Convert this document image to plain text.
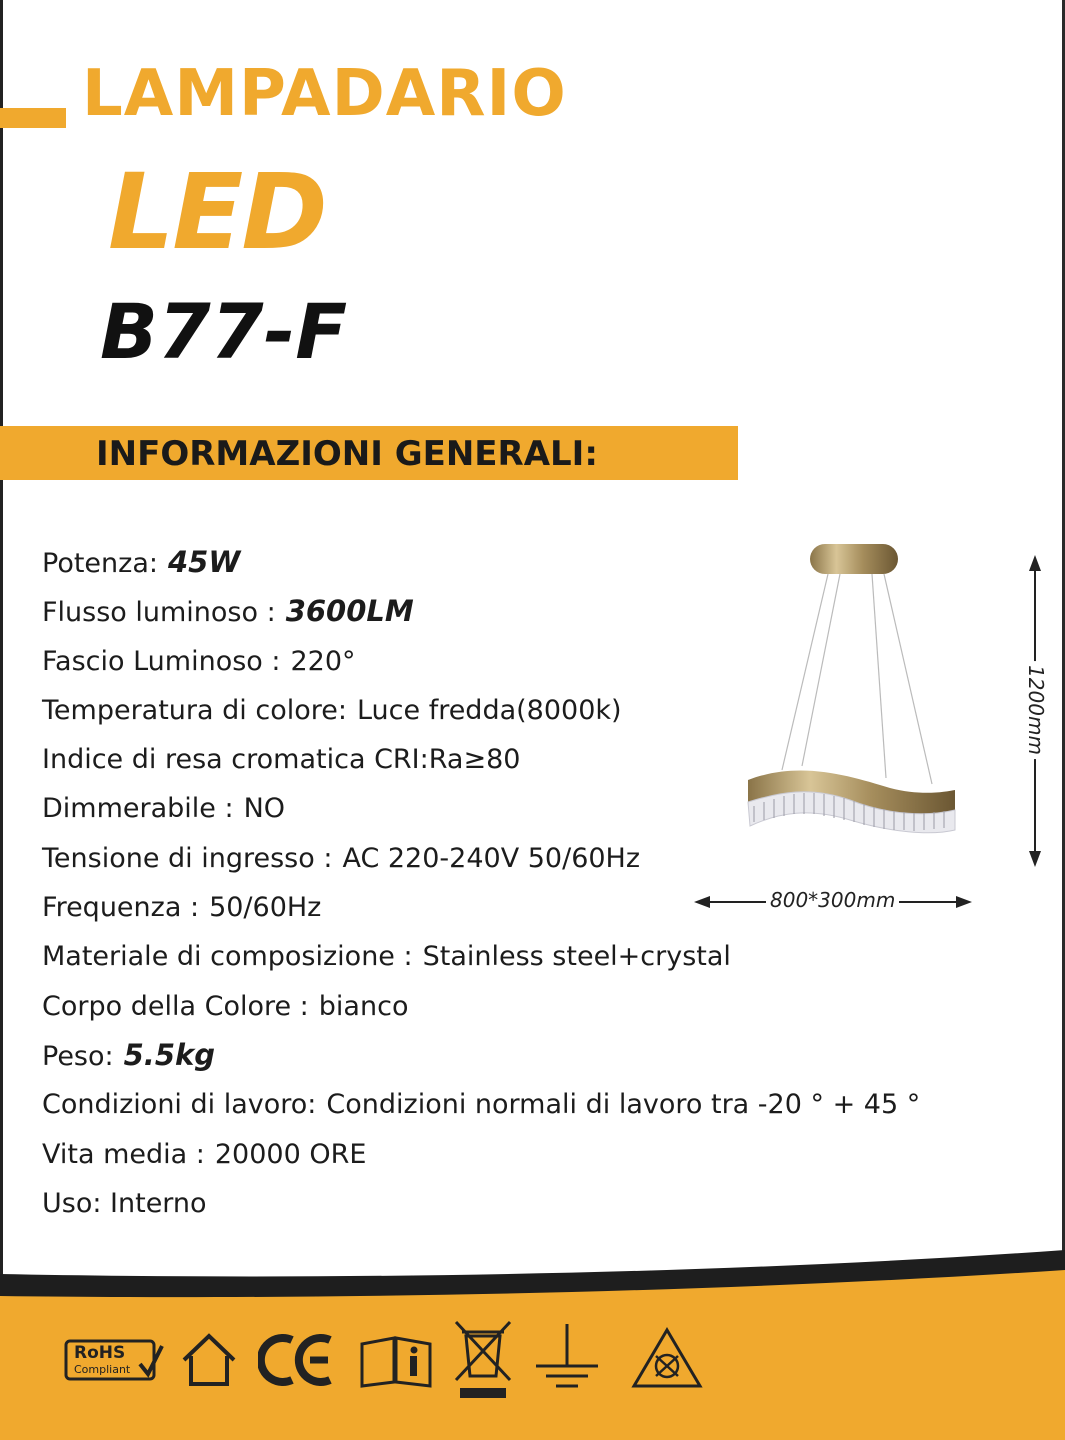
LAMPADARIO
LED
B77-F
INFORMAZIONI GENERALI:
Potenza: 45W
Flusso luminoso : 3600LM
Fascio Luminoso : 220°
Temperatura di colore: Luce fredda(8000k)
Indice di resa cromatica CRI:Ra≥80
Dimmerabile : NO
Tensione di ingresso : AC 220-240V 50/60Hz
Frequenza : 50/60Hz
Materiale di composizione : Stainless steel+crystal
Corpo della Colore : bianco
Peso: 5.5kg
Condizioni di lavoro: Condizioni normali di lavoro tra -20 ° + 45 °
Vita media : 20000 ORE
Uso: Interno
800*300mm
1200mm
RoHS
Compliant
